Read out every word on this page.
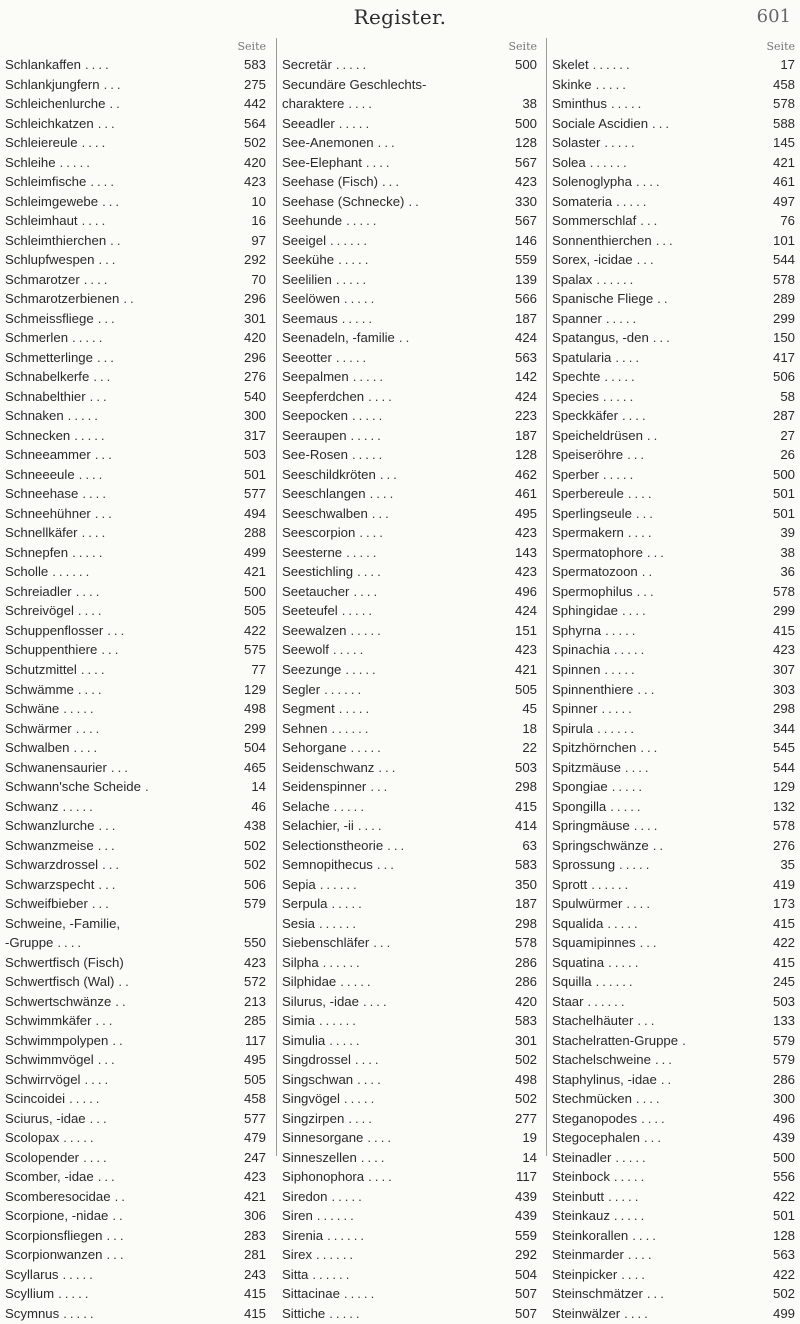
Register.	601
Seite
Schlankaffen ....	583
Schlankjungfern ...	275
Schleichenlurche ..	442
Schleichkatzen ...	564
Schleiereule ....	502
Schleihe .....	420
Schleimfische ....	423
Schleimgewebe ...	10
Schleimhaut ....	16
Schleimthierchen ..	97
Schlupfwespen ...	292
Schmarotzer ....	70
Schmarotzerbienen ..	296
Schmeissfliege ...	301
Schmerlen .....	420
Schmetterlinge ...	296
Schnabelkerfe ...	276
Schnabelthier ...	540
Schnaken .....	300
Schnecken .....	317
Schneeammer ...	503
Schneeeule ....	501
Schneehase ....	577
Schneehühner ...	494
Schnellkäfer ....	288
Schnepfen .....	499
Scholle ......	421
Schreiadler ....	500
Schreivögel ....	505
Schuppenflosser ...	422
Schuppenthiere ...	575
Schutzmittel ....	77
Schwämme ....	129
Schwäne .....	498
Schwärmer ....	299
Schwalben ....	504
Schwanensaurier ...	465
Schwann'sche Scheide .	14
Schwanz .....	46
Schwanzlurche ...	438
Schwanzmeise ...	502
Schwarzdrossel ...	502
Schwarzspecht ...	506
Schweifbieber ...	579
Schweine, -Familie,
-Gruppe ....	550
Schwertfisch (Fisch)	423
Schwertfisch (Wal) ..	572
Schwertschwänze ..	213
Schwimmkäfer ...	285
Schwimmpolypen ..	117
Schwimmvögel ...	495
Schwirrvögel ....	505
Scincoidei .....	458
Sciurus, -idae ...	577
Scolopax .....	479
Scolopender ....	247
Scomber, -idae ...	423
Scomberesocidae ..	421
Scorpione, -nidae ..	306
Scorpionsfliegen ...	283
Scorpionwanzen ...	281
Scyllarus .....	243
Scyllium .....	415
Scymnus .....	415
Seite
Secretär .....	500
Secundäre Geschlechts-
charaktere ....	38
Seeadler .....	500
See-Anemonen ...	128
See-Elephant ....	567
Seehase (Fisch) ...	423
Seehase (Schnecke) ..	330
Seehunde .....	567
Seeigel ......	146
Seekühe .....	559
Seelilien .....	139
Seelöwen .....	566
Seemaus .....	187
Seenadeln, -familie ..	424
Seeotter .....	563
Seepalmen .....	142
Seepferdchen ....	424
Seepocken .....	223
Seeraupen .....	187
See-Rosen .....	128
Seeschildkröten ...	462
Seeschlangen ....	461
Seeschwalben ...	495
Seescorpion ....	423
Seesterne .....	143
Seestichling ....	423
Seetaucher ....	496
Seeteufel .....	424
Seewalzen .....	151
Seewolf .....	423
Seezunge .....	421
Segler ......	505
Segment .....	45
Sehnen ......	18
Sehorgane .....	22
Seidenschwanz ...	503
Seidenspinner ...	298
Selache .....	415
Selachier, -ii ....	414
Selectionstheorie ...	63
Semnopithecus ...	583
Sepia ......	350
Serpula .....	187
Sesia ......	298
Siebenschläfer ...	578
Silpha ......	286
Silphidae .....	286
Silurus, -idae ....	420
Simia ......	583
Simulia .....	301
Singdrossel ....	502
Singschwan ....	498
Singvögel .....	502
Singzirpen ....	277
Sinnesorgane ....	19
Sinneszellen ....	14
Siphonophora ....	117
Siredon .....	439
Siren ......	439
Sirenia ......	559
Sirex ......	292
Sitta ......	504
Sittacinae .....	507
Sittiche .....	507
Seite
Skelet ......	17
Skinke .....	458
Sminthus .....	578
Sociale Ascidien ...	588
Solaster .....	145
Solea ......	421
Solenoglypha ....	461
Somateria .....	497
Sommerschlaf ...	76
Sonnenthierchen ...	101
Sorex, -icidae ...	544
Spalax ......	578
Spanische Fliege ..	289
Spanner .....	299
Spatangus, -den ...	150
Spatularia ....	417
Spechte .....	506
Species .....	58
Speckkäfer ....	287
Speicheldrüsen ..	27
Speiseröhre ...	26
Sperber .....	500
Sperbereule ....	501
Sperlingseule ...	501
Spermakern ....	39
Spermatophore ...	38
Spermatozoon ..	36
Spermophilus ...	578
Sphingidae ....	299
Sphyrna .....	415
Spinachia .....	423
Spinnen .....	307
Spinnenthiere ...	303
Spinner .....	298
Spirula ......	344
Spitzhörnchen ...	545
Spitzmäuse ....	544
Spongiae .....	129
Spongilla .....	132
Springmäuse ....	578
Springschwänze ..	276
Sprossung .....	35
Sprott ......	419
Spulwürmer ....	173
Squalida .....	415
Squamipinnes ...	422
Squatina .....	415
Squilla ......	245
Staar ......	503
Stachelhäuter ...	133
Stachelratten-Gruppe .	579
Stachelschweine ...	579
Staphylinus, -idae ..	286
Stechmücken ....	300
Steganopodes ....	496
Stegocephalen ...	439
Steinadler .....	500
Steinbock .....	556
Steinbutt .....	422
Steinkauz .....	501
Steinkorallen ....	128
Steinmarder ....	563
Steinpicker ....	422
Steinschmätzer ...	502
Steinwälzer ....	499
